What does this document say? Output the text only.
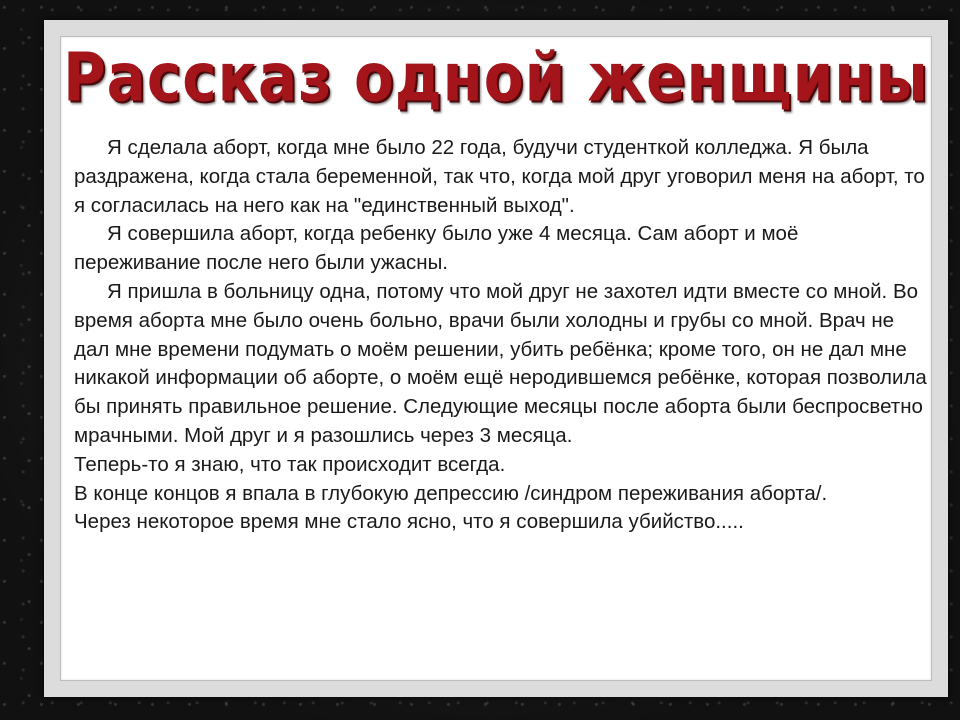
Рассказ одной женщины

Я сделала аборт, когда мне было 22 года, будучи студенткой колледжа. Я была раздражена, когда стала беременной, так что, когда мой друг уговорил меня на аборт, то я согласилась на него как на "единственный выход".

Я совершила аборт, когда ребенку было уже 4 месяца. Сам аборт и моё переживание после него были ужасны.

Я пришла в больницу одна, потому что мой друг не захотел идти вместе со мной. Во время аборта мне было очень больно, врачи были холодны и грубы со мной. Врач не дал мне времени подумать о моём решении, убить ребёнка; кроме того, он не дал мне никакой информации об аборте, о моём ещё неродившемся ребёнке, которая позволила бы принять правильное решение. Следующие месяцы после аборта были беспросветно мрачными. Мой друг и я разошлись через 3 месяца.

Теперь-то я знаю, что так происходит всегда.

В конце концов я впала в глубокую депрессию /синдром переживания аборта/.

Через некоторое время мне стало ясно, что я совершила убийство.....
